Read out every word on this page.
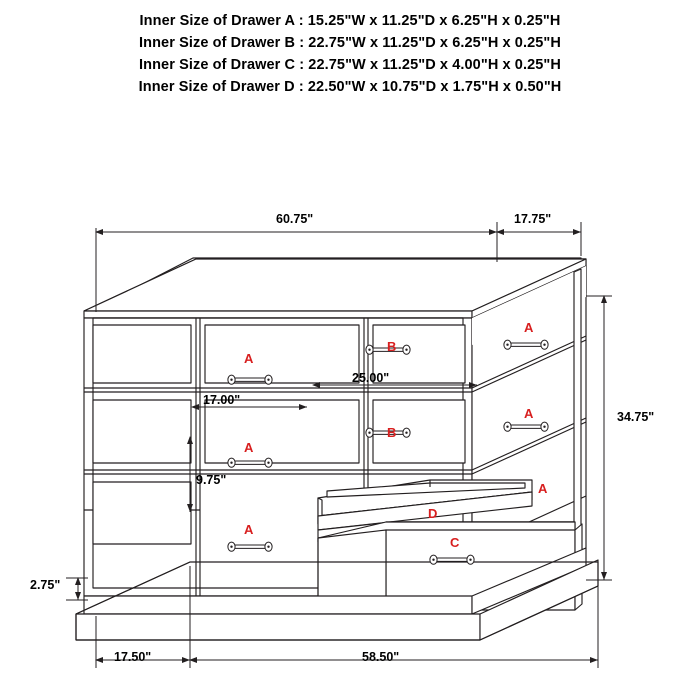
Inner Size of Drawer A : 15.25"W x 11.25"D x 6.25"H x 0.25"H
Inner Size of Drawer B : 22.75"W x 11.25"D x 6.25"H x 0.25"H
Inner Size of Drawer C : 22.75"W x 11.25"D x 4.00"H x 0.25"H
Inner Size of Drawer D : 22.50"W x 10.75"D x 1.75"H x 0.50"H
60.75"	17.75"
17.00"
25.00"
9.75"
34.75"
2.75"
17.50"	58.50"
A
B
A
A
B
A
A
A
D
C
